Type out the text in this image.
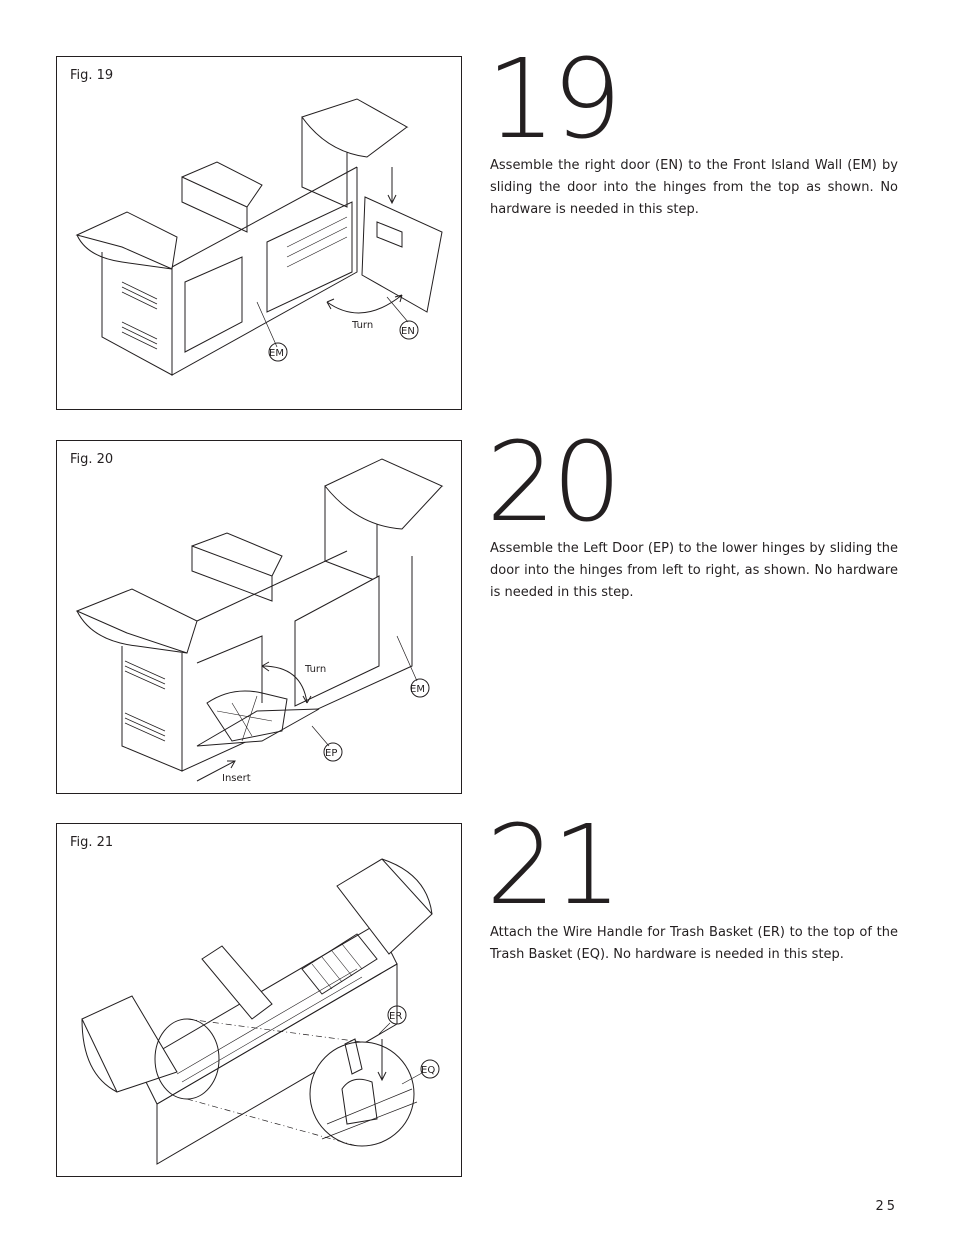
Fig. 19
Turn
EN
EM
19
Assemble the right door (EN) to the Front Island Wall (EM) by sliding the door into the hinges from the top as shown. No hardware is needed in this step.
Fig. 20
Turn
EM
EP
Insert
20
Assemble the Left Door (EP) to the lower hinges by sliding the door into the hinges from left to right, as shown. No hardware is needed in this step.
Fig. 21
ER
EQ
21
Attach the Wire Handle for Trash Basket (ER) to the top of the Trash Basket (EQ). No hardware is needed in this step.
25
